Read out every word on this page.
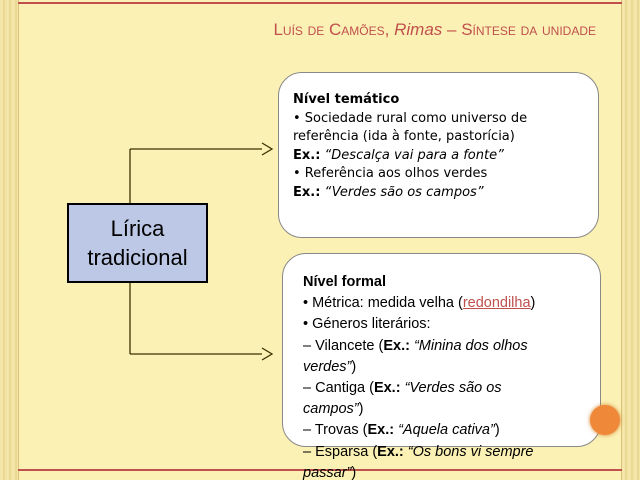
Luís de Camões, Rimas – Síntese da unidade
Lírica
tradicional
Nível temático
• Sociedade rural como universo de
referência (ida à fonte, pastorícia)
Ex.: “Descalça vai para a fonte”
• Referência aos olhos verdes
Ex.: “Verdes são os campos”
Nível formal
• Métrica: medida velha (redondilha)
• Géneros literários:
– Vilancete (Ex.: “Minina dos olhos
verdes”)
– Cantiga (Ex.: “Verdes são os
campos”)
– Trovas (Ex.: “Aquela cativa”)
– Esparsa (Ex.: “Os bons vi sempre
passar”)
